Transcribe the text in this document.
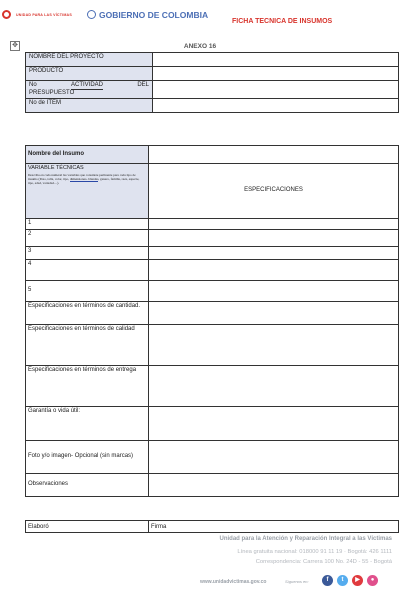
UNIDAD PARA LAS VÍCTIMAS	GOBIERNO DE COLOMBIA
FICHA TECNICA DE INSUMOS
✥	ANEXO 16
NOMBRE DEL PROYECTO	
PRODUCTO	

No ACTIVIDAD DEL
PRESUPUESTO	

No de ITEM	
Nombre del Insumo	

VARIABLE TÉCNICAS
Describa en cada numeral las variables que considere pertinente para cada tipo de insumo (Peso, talla, color, tipo, dimensiones- blandas, genero, familia, raza, especie, tipo, edad, variedad…).	ESPECIFICACIONES
1	
2	
3	
4	
5	
Especificaciones en términos de cantidad.	
Especificaciones en términos de calidad	
Especificaciones en términos de entrega	
Garantía o vida útil:	
Foto y/o imagen- Opcional (sin marcas)	
Observaciones	
Elaboró	Firma
Unidad para la Atención y Reparación Integral a las Víctimas
Línea gratuita nacional: 018000 91 11 19 · Bogotá: 426 1111
Correspondencia: Carrera 100 No. 24D - 55 - Bogotá
www.unidadvictimas.gov.co	Síguenos en:	f	t	▶	●
